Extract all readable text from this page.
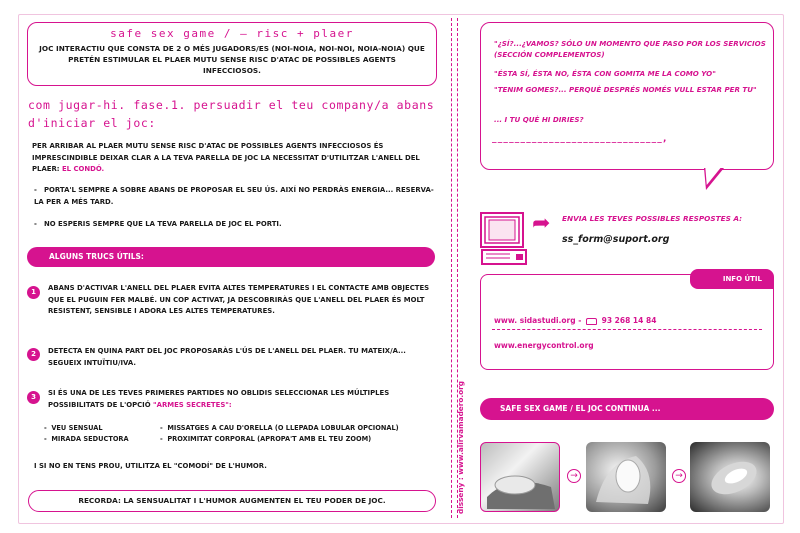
safe sex game / – risc + plaer
JOC INTERACTIU QUE CONSTA DE 2 O MÉS JUGADORS/ES (NOI-NOIA, NOI-NOI, NOIA-NOIA) QUE PRETÉN ESTIMULAR EL PLAER MUTU SENSE RISC D'ATAC DE POSSIBLES AGENTS INFECCIOSOS.
com jugar-hi. fase.1. persuadir el teu company/a abans d'iniciar el joc:
PER ARRIBAR AL PLAER MUTU SENSE RISC D'ATAC DE POSSIBLES AGENTS INFECCIOSOS ÉS IMPRESCINDIBLE DEIXAR CLAR A LA TEVA PARELLA DE JOC LA NECESSITAT D'UTILITZAR L'ANELL DEL PLAER: EL CONDÓ.
- PORTA'L SEMPRE A SOBRE ABANS DE PROPOSAR EL SEU ÚS. AIXÍ NO PERDRÀS ENERGIA... RESERVA-LA PER A MÉS TARD.
- NO ESPERIS SEMPRE QUE LA TEVA PARELLA DE JOC EL PORTI.
ALGUNS TRUCS ÚTILS:
1	ABANS D'ACTIVAR L'ANELL DEL PLAER EVITA ALTES TEMPERATURES I EL CONTACTE AMB OBJECTES QUE EL PUGUIN FER MALBÉ. UN COP ACTIVAT, JA DESCOBRIRÀS QUE L'ANELL DEL PLAER ÉS MOLT RESISTENT, SENSIBLE I ADORA LES ALTES TEMPERATURES.
2	DETECTA EN QUINA PART DEL JOC PROPOSARÀS L'ÚS DE L'ANELL DEL PLAER. TU MATEIX/A... SEGUEIX INTUÏTIU/IVA.
3	SI ÉS UNA DE LES TEVES PRIMERES PARTIDES NO OBLIDIS SELECCIONAR LES MÚLTIPLES POSSIBILITATS DE L'OPCIÓ "ARMES SECRETES":
-  VEU SENSUAL
-  MIRADA SEDUCTORA
-  MISSATGES A CAU D'ORELLA (O LLEPADA LOBULAR OPCIONAL)
-  PROXIMITAT CORPORAL (APROPA'T AMB EL TEU ZOOM)
I SI NO EN TENS PROU, UTILITZA EL "COMODÍ" DE L'HUMOR.
RECORDA: LA SENSUALITAT I L'HUMOR AUGMENTEN EL TEU PODER DE JOC.	disseny : www.alirvamadero.org
"¿SÍ?...¿VAMOS? SÓLO UN MOMENTO QUE PASO POR LOS SERVICIOS (SECCIÓN COMPLEMENTOS)
"ÉSTA SÍ, ÉSTA NO, ÉSTA CON GOMITA ME LA COMO YO"
"TENIM GOMES?... PERQUÈ DESPRÉS NOMÉS VULL ESTAR PER TU"
... I TU QUÈ HI DIRIES?
______________________________,
➦ ENVIA LES TEVES POSSIBLES RESPOSTES A:
ss_form@suport.org
INFO ÚTIL
www. sidastudi.org -	93 268 14 84
www.energycontrol.org
SAFE SEX GAME / EL JOC CONTINUA ...
→	→
